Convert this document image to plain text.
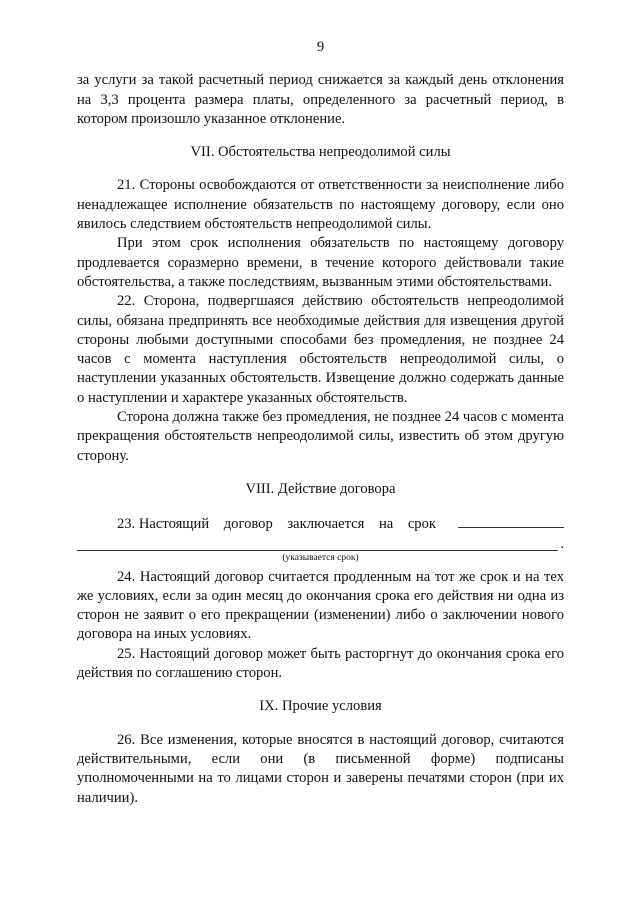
9

за услуги за такой расчетный период снижается за каждый день отклонения на 3,3 процента размера платы, определенного за расчетный период, в котором произошло указанное отклонение.

VII. Обстоятельства непреодолимой силы

21. Стороны освобождаются от ответственности за неисполнение либо ненадлежащее исполнение обязательств по настоящему договору, если оно явилось следствием обстоятельств непреодолимой силы.

При этом срок исполнения обязательств по настоящему договору продлевается соразмерно времени, в течение которого действовали такие обстоятельства, а также последствиям, вызванным этими обстоятельствами.

22. Сторона, подвергшаяся действию обстоятельств непреодолимой силы, обязана предпринять все необходимые действия для извещения другой стороны любыми доступными способами без промедления, не позднее 24 часов с момента наступления обстоятельств непреодолимой силы, о наступлении указанных обстоятельств. Извещение должно содержать данные о наступлении и характере указанных обстоятельств.

Сторона должна также без промедления, не позднее 24 часов с момента прекращения обстоятельств непреодолимой силы, известить об этом другую сторону.

VIII. Действие договора
23. Настоящий договор заключается на срок
.
(указывается срок)

24. Настоящий договор считается продленным на тот же срок и на тех же условиях, если за один месяц до окончания срока его действия ни одна из сторон не заявит о его прекращении (изменении) либо о заключении нового договора на иных условиях.

25. Настоящий договор может быть расторгнут до окончания срока его действия по соглашению сторон.

IX. Прочие условия

26. Все изменения, которые вносятся в настоящий договор, считаются действительными, если они (в письменной форме) подписаны уполномоченными на то лицами сторон и заверены печатями сторон (при их наличии).
